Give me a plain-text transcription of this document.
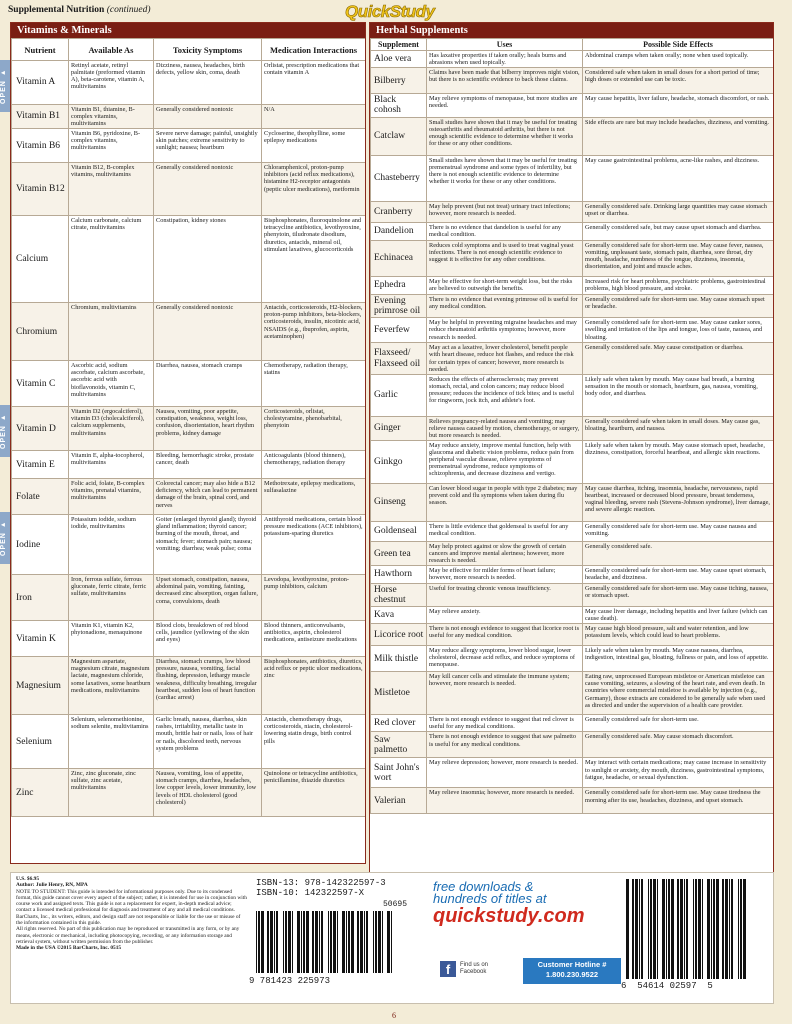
Supplemental Nutrition (continued)	QuickStudy
OPEN ▸
OPEN ▸
OPEN ▸
Vitamins & Minerals
Nutrient	Available As	Toxicity Symptoms	Medication Interactions
Vitamin A	Retinyl acetate, retinyl palmitate (preformed vitamin A), beta-carotene, vitamin A, multivitamins	Dizziness, nausea, headaches, birth defects, yellow skin, coma, death	Orlistat, prescription medications that contain vitamin A
Vitamin B1	Vitamin B1, thiamine, B-complex vitamins, multivitamins	Generally considered nontoxic	N/A
Vitamin B6	Vitamin B6, pyridoxine, B-complex vitamins, multivitamins	Severe nerve damage; painful, unsightly skin patches; extreme sensitivity to sunlight; nausea; heartburn	Cycloserine, theophylline, some epilepsy medications
Vitamin B12	Vitamin B12, B-complex vitamins, multivitamins	Generally considered nontoxic	Chloramphenicol, proton-pump inhibitors (acid reflux medications), histamine H2-receptor antagonists (peptic ulcer medications), metformin
Calcium	Calcium carbonate, calcium citrate, multivitamins	Constipation, kidney stones	Bisphosphonates, fluoroquinolone and tetracycline antibiotics, levothyroxine, phenytoin, tiludronate disodium, diuretics, antacids, mineral oil, stimulant laxatives, glucocorticoids
Chromium	Chromium, multivitamins	Generally considered nontoxic	Antacids, corticosteroids, H2-blockers, proton-pump inhibitors, beta-blockers, corticosteroids, insulin, nicotinic acid, NSAIDS (e.g., ibuprofen, aspirin, acetaminophen)
Vitamin C	Ascorbic acid, sodium ascorbate, calcium ascorbate, ascorbic acid with bioflavonoids, vitamin C, multivitamins	Diarrhea, nausea, stomach cramps	Chemotherapy, radiation therapy, statins
Vitamin D	Vitamin D2 (ergocalciferol), vitamin D3 (cholecalciferol), calcium supplements, multivitamins	Nausea, vomiting, poor appetite, constipation, weakness, weight loss, confusion, disorientation, heart rhythm problems, kidney damage	Corticosteroids, orlistat, cholestyramine, phenobarbital, phenytoin
Vitamin E	Vitamin E, alpha-tocopherol, multivitamins	Bleeding, hemorrhagic stroke, prostate cancer, death	Anticoagulants (blood thinners), chemotherapy, radiation therapy
Folate	Folic acid, folate, B-complex vitamins, prenatal vitamins, multivitamins	Colorectal cancer; may also hide a B12 deficiency, which can lead to permanent damage of the brain, spinal cord, and nerves	Methotrexate, epilepsy medications, sulfasalazine
Iodine	Potassium iodide, sodium iodide, multivitamins	Goiter (enlarged thyroid gland); thyroid gland inflammation; thyroid cancer; burning of the mouth, throat, and stomach; fever; stomach pain; nausea; vomiting; diarrhea; weak pulse; coma	Antithyroid medications, certain blood pressure medications (ACE inhibitors), potassium-sparing diuretics
Iron	Iron, ferrous sulfate, ferrous gluconate, ferric citrate, ferric sulfate, multivitamins	Upset stomach, constipation, nausea, abdominal pain, vomiting, fainting, decreased zinc absorption, organ failure, coma, convulsions, death	Levodopa, levothyroxine, proton-pump inhibitors, calcium
Vitamin K	Vitamin K1, vitamin K2, phytonadione, menaquinone	Blood clots, breakdown of red blood cells, jaundice (yellowing of the skin and eyes)	Blood thinners, anticonvulsants, antibiotics, aspirin, cholesterol medications, antiseizure medications
Magnesium	Magnesium aspartate, magnesium citrate, magnesium lactate, magnesium chloride, some laxatives, some heartburn medications, multivitamins	Diarrhea, stomach cramps, low blood pressure, nausea, vomiting, facial flushing, depression, lethargy muscle weakness, difficulty breathing, irregular heartbeat, sudden loss of heart function (cardiac arrest)	Bisphosphonates, antibiotics, diuretics, acid reflux or peptic ulcer medications, zinc
Selenium	Selenium, selenomethionine, sodium selenite, multivitamins	Garlic breath, nausea, diarrhea, skin rashes, irritability, metallic taste in mouth, brittle hair or nails, loss of hair or nails, discolored teeth, nervous system problems	Antacids, chemotherapy drugs, corticosteroids, niacin, cholesterol-lowering statin drugs, birth control pills
Zinc	Zinc, zinc gluconate, zinc sulfate, zinc acetate, multivitamins	Nausea, vomiting, loss of appetite, stomach cramps, diarrhea, headaches, low copper levels, lower immunity, low levels of HDL cholesterol (good cholesterol)	Quinolone or tetracycline antibiotics, penicillamine, thiazide diuretics
Herbal Supplements
Supplement	Uses	Possible Side Effects
Aloe vera	Has laxative properties if taken orally; heals burns and abrasions when used topically.	Abdominal cramps when taken orally; none when used topically.
Bilberry	Claims have been made that bilberry improves night vision, but there is no scientific evidence to back those claims.	Considered safe when taken in small doses for a short period of time; high doses or extended use can be toxic.
Black cohosh	May relieve symptoms of menopause, but more studies are needed.	May cause hepatitis, liver failure, headache, stomach discomfort, or rash.
Catclaw	Small studies have shown that it may be useful for treating osteoarthritis and rheumatoid arthritis, but there is not enough scientific evidence to determine whether it works for these or any other conditions.	Side effects are rare but may include headaches, dizziness, and vomiting.
Chasteberry	Small studies have shown that it may be useful for treating premenstrual syndrome and some types of infertility, but there is not enough scientific evidence to determine whether it works for these or any other conditions.	May cause gastrointestinal problems, acne-like rashes, and dizziness.
Cranberry	May help prevent (but not treat) urinary tract infections; however, more research is needed.	Generally considered safe. Drinking large quantities may cause stomach upset or diarrhea.
Dandelion	There is no evidence that dandelion is useful for any medical condition.	Generally considered safe, but may cause upset stomach and diarrhea.
Echinacea	Reduces cold symptoms and is used to treat vaginal yeast infections. There is not enough scientific evidence to suggest it is effective for any other conditions.	Generally considered safe for short-term use. May cause fever, nausea, vomiting, unpleasant taste, stomach pain, diarrhea, sore throat, dry mouth, headache, numbness of the tongue, dizziness, insomnia, disorientation, and joint and muscle aches.
Ephedra	May be effective for short-term weight loss, but the risks are believed to outweigh the benefits.	Increased risk for heart problems, psychiatric problems, gastrointestinal problems, high blood pressure, and stroke.
Evening primrose oil	There is no evidence that evening primrose oil is useful for any medical condition.	Generally considered safe for short-term use. May cause stomach upset or headache.
Feverfew	May be helpful in preventing migraine headaches and may reduce rheumatoid arthritis symptoms; however, more research is needed.	Generally considered safe for short-term use. May cause canker sores, swelling and irritation of the lips and tongue, loss of taste, nausea, and bloating.
Flaxseed/ Flaxseed oil	May act as a laxative, lower cholesterol, benefit people with heart disease, reduce hot flashes, and reduce the risk for certain types of cancer; however, more research is needed.	Generally considered safe. May cause constipation or diarrhea.
Garlic	Reduces the effects of atherosclerosis; may prevent stomach, rectal, and colon cancers; may reduce blood pressure; reduces the incidence of tick bites; and is useful for ringworm, jock itch, and athlete's foot.	Likely safe when taken by mouth. May cause bad breath, a burning sensation in the mouth or stomach, heartburn, gas, nausea, vomiting, body odor, and diarrhea.
Ginger	Relieves pregnancy-related nausea and vomiting; may relieve nausea caused by motion, chemotherapy, or surgery, but more research is needed.	Generally considered safe when taken in small doses. May cause gas, bloating, heartburn, and nausea.
Ginkgo	May reduce anxiety, improve mental function, help with glaucoma and diabetic vision problems, reduce pain from peripheral vascular disease, relieve symptoms of premenstrual syndrome, reduce symptoms of schizophrenia, and decrease dizziness and vertigo.	Likely safe when taken by mouth. May cause stomach upset, headache, dizziness, constipation, forceful heartbeat, and allergic skin reactions.
Ginseng	Can lower blood sugar in people with type 2 diabetes; may prevent cold and flu symptoms when taken during flu season.	May cause diarrhea, itching, insomnia, headache, nervousness, rapid heartbeat, increased or decreased blood pressure, breast tenderness, vaginal bleeding, severe rash (Stevens-Johnson syndrome), liver damage, and severe allergic reaction.
Goldenseal	There is little evidence that goldenseal is useful for any medical condition.	Generally considered safe for short-term use. May cause nausea and vomiting.
Green tea	May help protect against or slow the growth of certain cancers and improve mental alertness; however, more research is needed.	Generally considered safe.
Hawthorn	May be effective for milder forms of heart failure; however, more research is needed.	Generally considered safe for short-term use. May cause upset stomach, headache, and dizziness.
Horse chestnut	Useful for treating chronic venous insufficiency.	Generally considered safe for short-term use. May cause itching, nausea, or stomach upset.
Kava	May relieve anxiety.	May cause liver damage, including hepatitis and liver failure (which can cause death).
Licorice root	There is not enough evidence to suggest that licorice root is useful for any medical condition.	May cause high blood pressure, salt and water retention, and low potassium levels, which could lead to heart problems.
Milk thistle	May reduce allergy symptoms, lower blood sugar, lower cholesterol, decrease acid reflux, and reduce symptoms of menopause.	Likely safe when taken by mouth. May cause nausea, diarrhea, indigestion, intestinal gas, bloating, fullness or pain, and loss of appetite.
Mistletoe	May kill cancer cells and stimulate the immune system; however, more research is needed.	Eating raw, unprocessed European mistletoe or American mistletoe can cause vomiting, seizures, a slowing of the heart rate, and even death. In countries where commercial mistletoe is available by injection (e.g., Germany), those extracts are considered to be generally safe when used as directed and under the supervision of a health care provider.
Red clover	There is not enough evidence to suggest that red clover is useful for any medical conditions.	Generally considered safe for short-term use.
Saw palmetto	There is not enough evidence to suggest that saw palmetto is useful for any medical conditions.	Generally considered safe. May cause stomach discomfort.
Saint John's wort	May relieve depression; however, more research is needed.	May interact with certain medications; may cause increase in sensitivity to sunlight or anxiety, dry mouth, dizziness, gastrointestinal symptoms, fatigue, headache, or sexual dysfunction.
Valerian	May relieve insomnia; however, more research is needed.	Generally considered safe for short-term use. May cause tiredness the morning after its use, headaches, dizziness, and upset stomach.
U.S. $6.95
Author: Julie Henry, RN, MPA
NOTE TO STUDENT: This guide is intended for informational purposes only. Due to its condensed format, this guide cannot cover every aspect of the subject; rather, it is intended for use in conjunction with course work and assigned texts. This guide is not a replacement for expert, in-depth medical advice; contact a licensed medical professional for diagnosis and treatment of any and all medical conditions. BarCharts, Inc., its writers, editors, and design staff are not responsible or liable for the use or misuse of the information contained in this guide.
All rights reserved. No part of this publication may be reproduced or transmitted in any form, or by any means, electronic or mechanical, including photocopying, recording, or any information storage and retrieval system, without written permission from the publisher.
Made in the USA ©2015 BarCharts, Inc. 0515
ISBN-13: 978-142322597-3
ISBN-10: 142322597-X
50695
9 781423 225973
free downloads &
hundreds of titles at
quickstudy.com
f	Find us on Facebook
Customer Hotline #
1.800.230.9522
6  54614 02597  5
6
